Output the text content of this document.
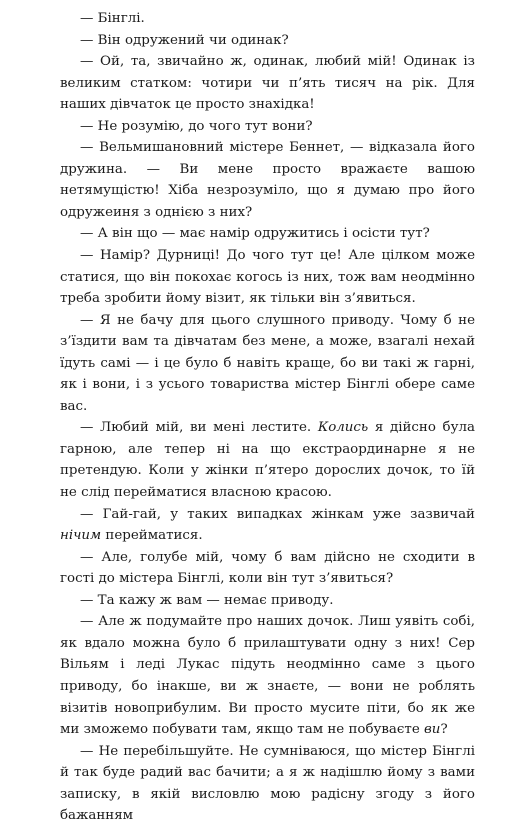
— Бінглі.

— Він одружений чи одинак?

— Ой, та, звичайно ж, одинак, любий мій! Одинак із великим статком: чотири чи п’ять тисяч на рік. Для наших дівчаток це просто знахідка!

— Не розумію, до чого тут вони?

— Вельмишановний містере Беннет, — відказала його дружина. — Ви мене просто вражаєте вашою нетямущістю! Хіба незрозуміло, що я думаю про його одружеиня з однією з них?

— А він що — має намір одружитись і осісти тут?

— Намір? Дурниці! До чого тут це! Але цілком може статися, що він покохає когось із них, тож вам неодмінно треба зробити йому візит, як тільки він з’явиться.

— Я не бачу для цього слушного приводу. Чому б не з’їздити вам та дівчатам без мене, а може, взагалі нехай їдуть самі — і це було б навіть краще, бо ви такі ж гарні, як і вони, і з усього товариства містер Бінглі обере саме вас.

— Любий мій, ви мені лестите. Колись я дійсно була гарною, але тепер ні на що екстраординарне я не претендую. Коли у жінки п’ятеро дорослих дочок, то їй не слід перейматися власною красою.

— Гай-гай, у таких випадках жінкам уже зазвичай нічим перейматися.

— Але, голубе мій, чому б вам дійсно не сходити в гості до містера Бінглі, коли він тут з’явиться?

— Та кажу ж вам — немає приводу.

— Але ж подумайте про наших дочок. Лиш уявіть собі, як вдало можна було б прилаштувати одну з них! Сер Вільям і леді Лукас підуть неодмінно саме з цього приводу, бо інакше, ви ж знаєте, — вони не роблять візитів новоприбулим. Ви просто мусите піти, бо як же ми зможемо побувати там, якщо там не побуваєте ви?

— Не перебільшуйте. Не сумніваюся, що містер Бінглі й так буде радий вас бачити; а я ж надішлю йому з вами записку, в якій висловлю мою радісну згоду з його бажанням
